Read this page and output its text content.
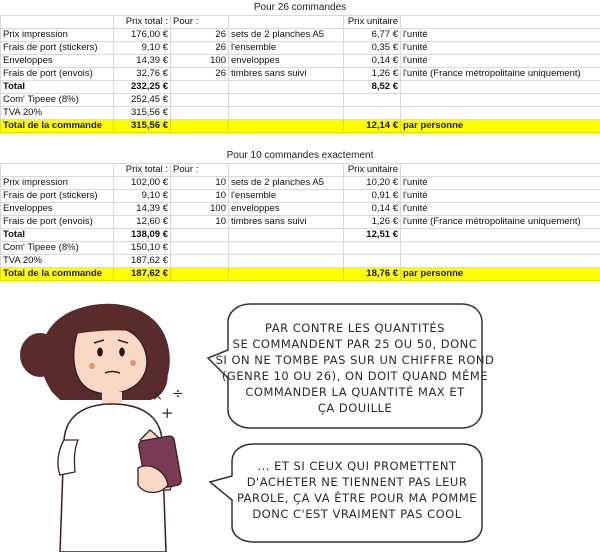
Pour 26 commandes
	Prix total :	Pour :		Prix unitaire	
Prix impression	176,00 €	26	sets de 2 planches A5	6,77 €	l'unité
Frais de port (stickers)	9,10 €	26	l'ensemble	0,35 €	l'unité
Enveloppes	14,39 €	100	enveloppes	0,14 €	l'unité
Frais de port (envois)	32,76 €	26	timbres sans suivi	1,26 €	l'unité (France métropolitaine uniquement)
Total	232,25 €			8,52 €	
Com' Tipeee (8%)	252,45 €				
TVA 20%	315,56 €				
Total de la commande	315,56 €			12,14 €	par personne
Pour 10 commandes exactement
	Prix total :	Pour :		Prix unitaire	
Prix impression	102,00 €	10	sets de 2 planches A5	10,20 €	l'unité
Frais de port (stickers)	9,10 €	10	l'ensemble	0,91 €	l'unité
Enveloppes	14,39 €	100	enveloppes	0,14 €	l'unité
Frais de port (envois)	12,60 €	10	timbres sans suivi	1,26 €	l'unité (France métropolitaine uniquement)
Total	138,09 €			12,51 €	
Com' Tipeee (8%)	150,10 €				
TVA 20%	187,62 €				
Total de la commande	187,62 €			18,76 €	par personne
× ÷
+
PAR CONTRE LES QUANTITÉS
SE COMMANDENT PAR 25 OU 50, DONC
SI ON NE TOMBE PAS SUR UN CHIFFRE ROND
(GENRE 10 OU 26), ON DOIT QUAND MÊME
COMMANDER LA QUANTITÉ MAX ET
ÇA DOUILLE
... ET SI CEUX QUI PROMETTENT
D'ACHETER NE TIENNENT PAS LEUR
PAROLE, ÇA VA ÊTRE POUR MA POMME
DONC C'EST VRAIMENT PAS COOL
